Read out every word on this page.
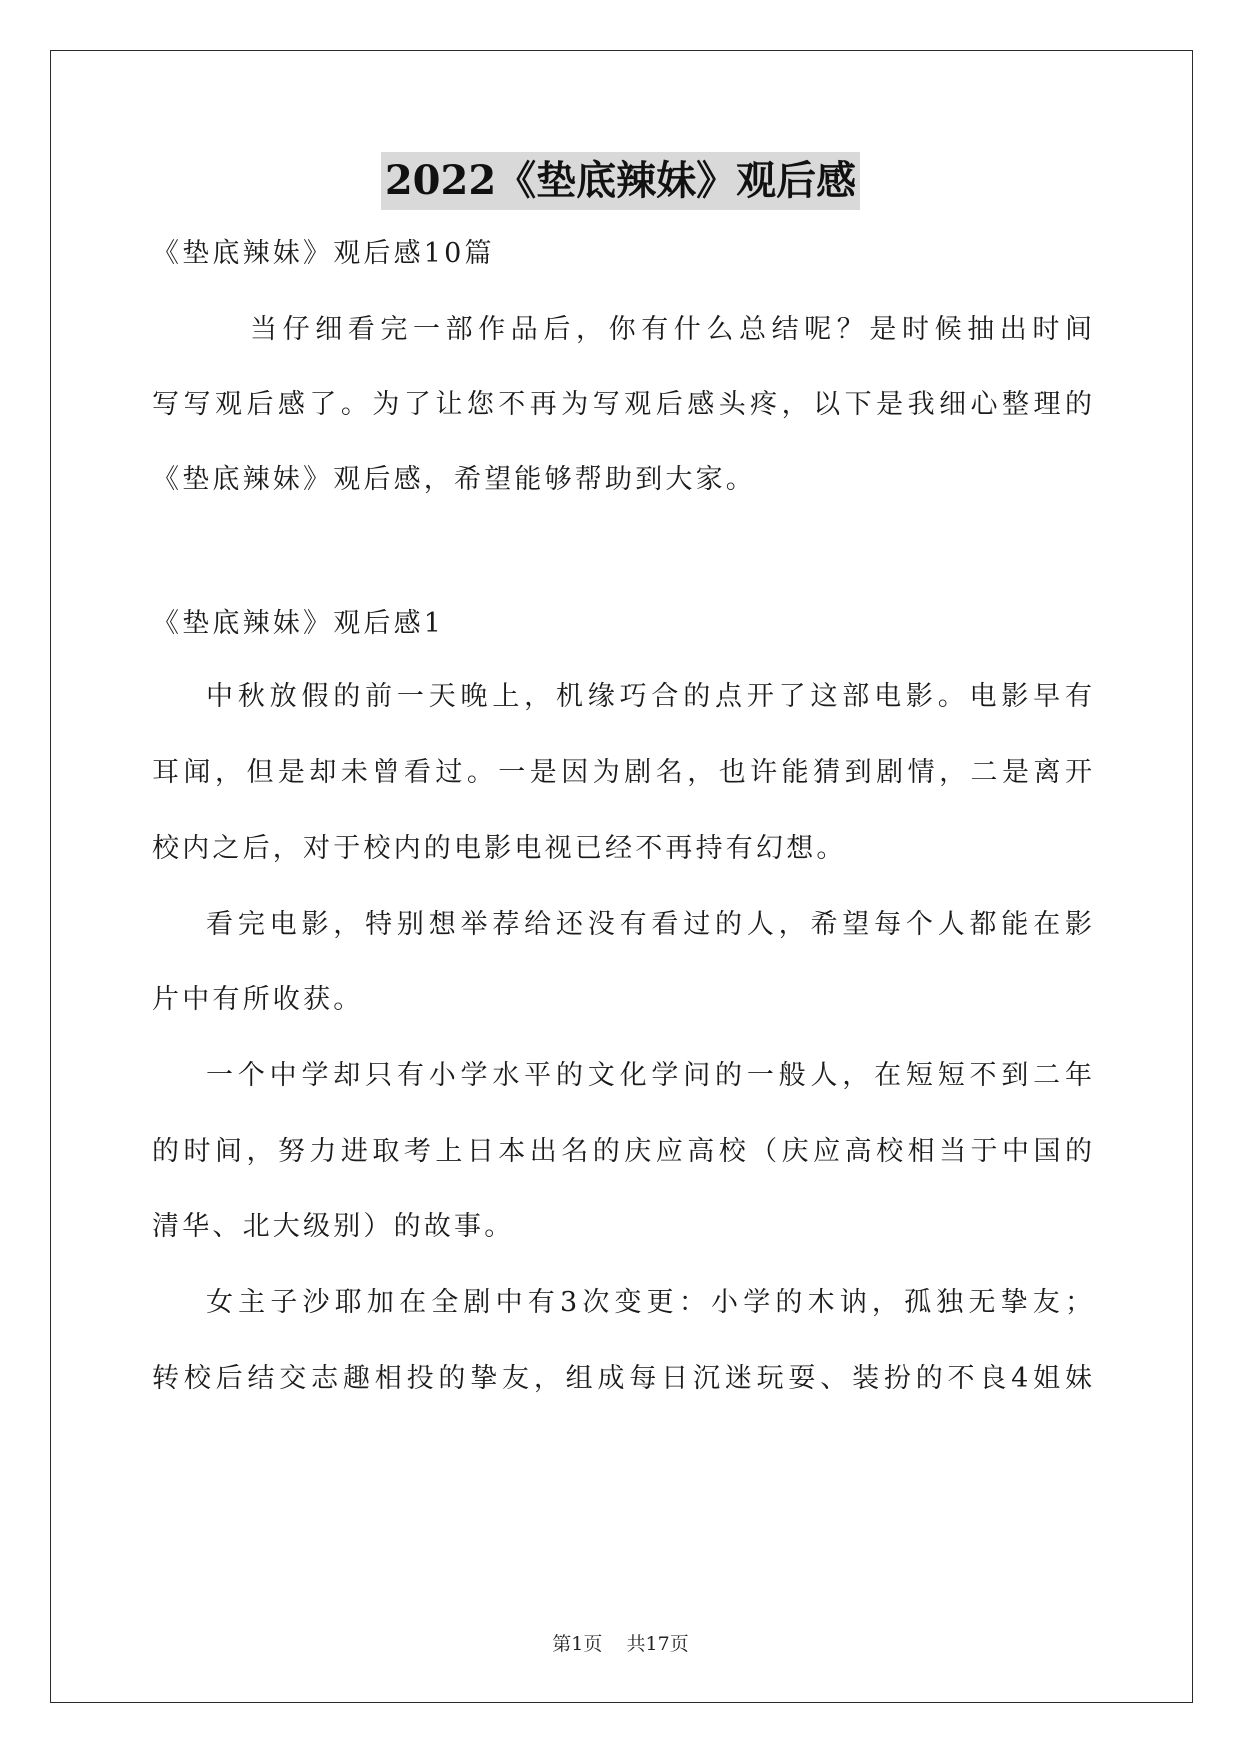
2022《垫底辣妹》观后感
《垫底辣妹》观后感10篇
当仔细看完一部作品后，你有什么总结呢？是时候抽出时间
写写观后感了。为了让您不再为写观后感头疼，以下是我细心整理的
《垫底辣妹》观后感，希望能够帮助到大家。
《垫底辣妹》观后感1
中秋放假的前一天晚上，机缘巧合的点开了这部电影。电影早有
耳闻，但是却未曾看过。一是因为剧名，也许能猜到剧情，二是离开
校内之后，对于校内的电影电视已经不再持有幻想。
看完电影，特别想举荐给还没有看过的人，希望每个人都能在影
片中有所收获。
一个中学却只有小学水平的文化学问的一般人，在短短不到二年
的时间，努力进取考上日本出名的庆应高校（庆应高校相当于中国的
清华、北大级别）的故事。
女主子沙耶加在全剧中有3次变更：小学的木讷，孤独无挚友；
转校后结交志趣相投的挚友，组成每日沉迷玩耍、装扮的不良4姐妹
第1页    共17页
